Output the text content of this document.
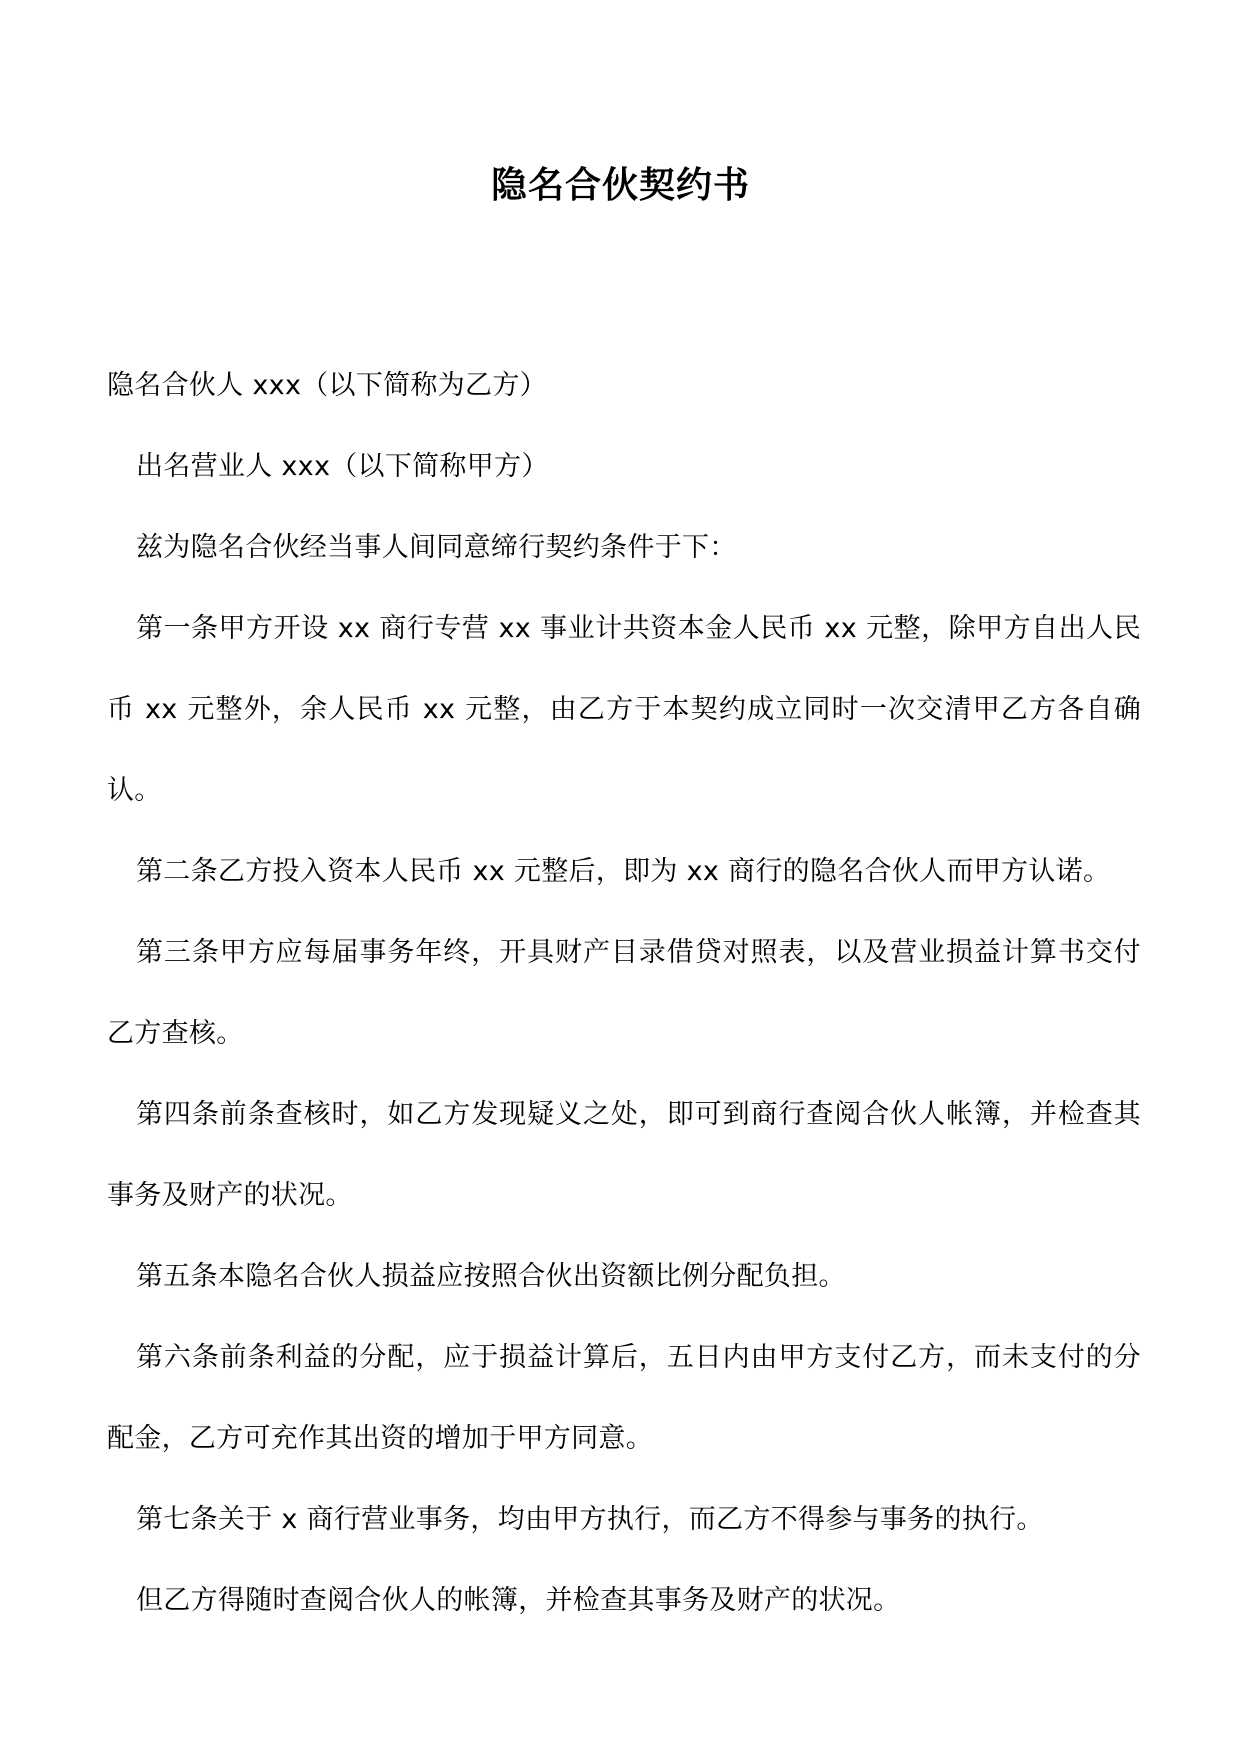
隐名合伙契约书

隐名合伙人 xxx（以下简称为乙方）

出名营业人 xxx（以下简称甲方）

兹为隐名合伙经当事人间同意缔行契约条件于下：

第一条甲方开设 xx 商行专营 xx 事业计共资本金人民币 xx 元整，除甲方自出人民币 xx 元整外，余人民币 xx 元整，由乙方于本契约成立同时一次交清甲乙方各自确认。

第二条乙方投入资本人民币 xx 元整后，即为 xx 商行的隐名合伙人而甲方认诺。

第三条甲方应每届事务年终，开具财产目录借贷对照表，以及营业损益计算书交付乙方查核。

第四条前条查核时，如乙方发现疑义之处，即可到商行查阅合伙人帐簿，并检查其事务及财产的状况。

第五条本隐名合伙人损益应按照合伙出资额比例分配负担。

第六条前条利益的分配，应于损益计算后，五日内由甲方支付乙方，而未支付的分配金，乙方可充作其出资的增加于甲方同意。

第七条关于 x 商行营业事务，均由甲方执行，而乙方不得参与事务的执行。

但乙方得随时查阅合伙人的帐簿，并检查其事务及财产的状况。
